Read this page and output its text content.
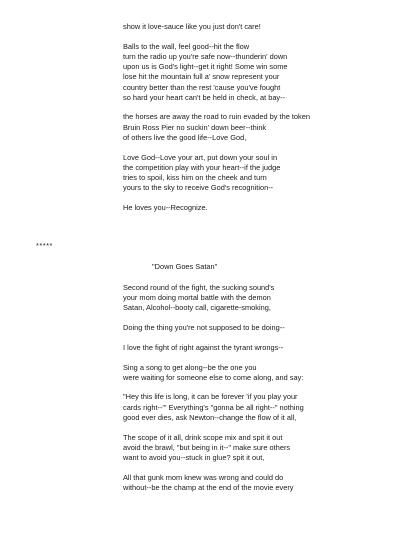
show it love-sauce like you just don't care!

Balls to the wall, feel good--hit the flow
turn the radio up you're safe now--thunderin' down
upon us is God's light--get it right! Some win some
lose hit the mountain full a' snow represent your
country better than the rest 'cause you've fought
so hard your heart can't be held in check, at bay--

the horses are away the road to ruin evaded by the token
Bruin Ross Pier no suckin' down beer--think
of others live the good life--Love God,

Love God--Love your art, put down your soul in
the competition play with your heart--if the judge
tries to spoil, kiss him on the cheek and turn
yours to the sky to receive God's recognition--

He loves you--Recognize.

*****
"Down Goes Satan"

Second round of the fight, the sucking sound's
your mom doing mortal battle with the demon
Satan, Alcohol--booty call, cigarette-smoking,

Doing the thing you're not supposed to be doing--

I love the fight of right against the tyrant wrongs--

Sing a song to get along--be the one you
were waiting for someone else to come along, and say:

"Hey this life is long, it can be forever 'if you play your
cards right--'" Everything's "gonna be all right--" nothing
good ever dies, ask Newton--change the flow of it all,

The scope of it all, drink scope mix and spit it out
avoid the brawl, "but being in it--" make sure others
want to avoid you--stuck in glue? spit it out,

All that gunk mom knew was wrong and could do
without--be the champ at the end of the movie every
